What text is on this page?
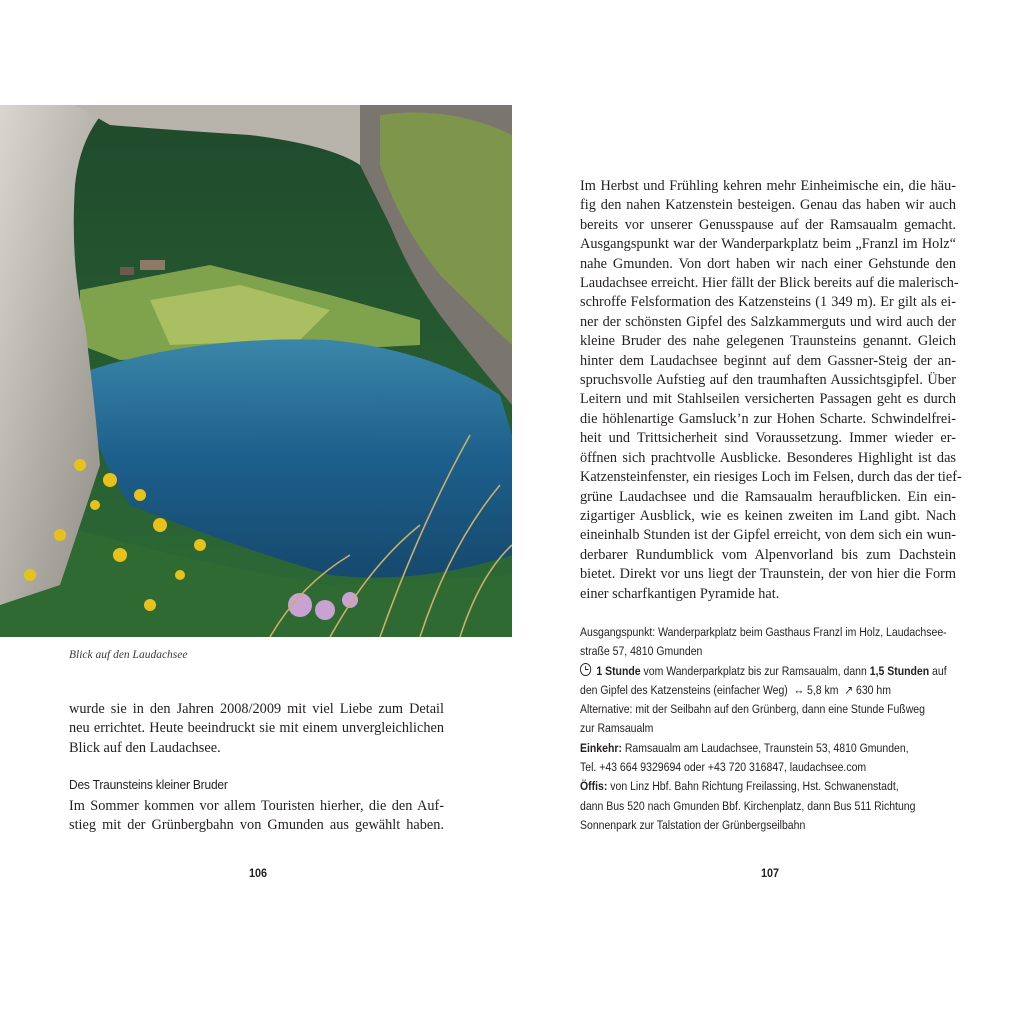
Blick auf den Laudachsee
wurde sie in den Jahren 2008/2009 mit viel Liebe zum Detail
neu errichtet. Heute beeindruckt sie mit einem unvergleichlichen
Blick auf den Laudachsee.
Des Traunsteins kleiner Bruder
Im Sommer kommen vor allem Touristen hierher, die den Auf-
stieg mit der Grünbergbahn von Gmunden aus gewählt haben.
106
Im Herbst und Frühling kehren mehr Einheimische ein, die häu-
fig den nahen Katzenstein besteigen. Genau das haben wir auch
bereits vor unserer Genusspause auf der Ramsaualm gemacht.
Ausgangspunkt war der Wanderparkplatz beim „Franzl im Holz“
nahe Gmunden. Von dort haben wir nach einer Gehstunde den
Laudachsee erreicht. Hier fällt der Blick bereits auf die malerisch-
schroffe Felsformation des Katzensteins (1 349 m). Er gilt als ei-
ner der schönsten Gipfel des Salzkammerguts und wird auch der
kleine Bruder des nahe gelegenen Traunsteins genannt. Gleich
hinter dem Laudachsee beginnt auf dem Gassner-Steig der an-
spruchsvolle Aufstieg auf den traumhaften Aussichtsgipfel. Über
Leitern und mit Stahlseilen versicherten Passagen geht es durch
die höhlenartige Gamsluck’n zur Hohen Scharte. Schwindelfrei-
heit und Trittsicherheit sind Voraussetzung. Immer wieder er-
öffnen sich prachtvolle Ausblicke. Besonderes Highlight ist das
Katzensteinfenster, ein riesiges Loch im Felsen, durch das der tief-
grüne Laudachsee und die Ramsaualm heraufblicken. Ein ein-
zigartiger Ausblick, wie es keinen zweiten im Land gibt. Nach
eineinhalb Stunden ist der Gipfel erreicht, von dem sich ein wun-
derbarer Rundumblick vom Alpenvorland bis zum Dachstein
bietet. Direkt vor uns liegt der Traunstein, der von hier die Form
einer scharfkantigen Pyramide hat.
Ausgangspunkt: Wanderparkplatz beim Gasthaus Franzl im Holz, Laudachsee-
straße 57, 4810 Gmunden
1 Stunde vom Wanderparkplatz bis zur Ramsaualm, dann 1,5 Stunden auf
den Gipfel des Katzensteins (einfacher Weg)  ↔ 5,8 km  ↗ 630 hm
Alternative: mit der Seilbahn auf den Grünberg, dann eine Stunde Fußweg
zur Ramsaualm
Einkehr: Ramsaualm am Laudachsee, Traunstein 53, 4810 Gmunden,
Tel. +43 664 9329694 oder +43 720 316847, laudachsee.com
Öffis: von Linz Hbf. Bahn Richtung Freilassing, Hst. Schwanenstadt,
dann Bus 520 nach Gmunden Bbf. Kirchenplatz, dann Bus 511 Richtung
Sonnenpark zur Talstation der Grünbergseilbahn
107
